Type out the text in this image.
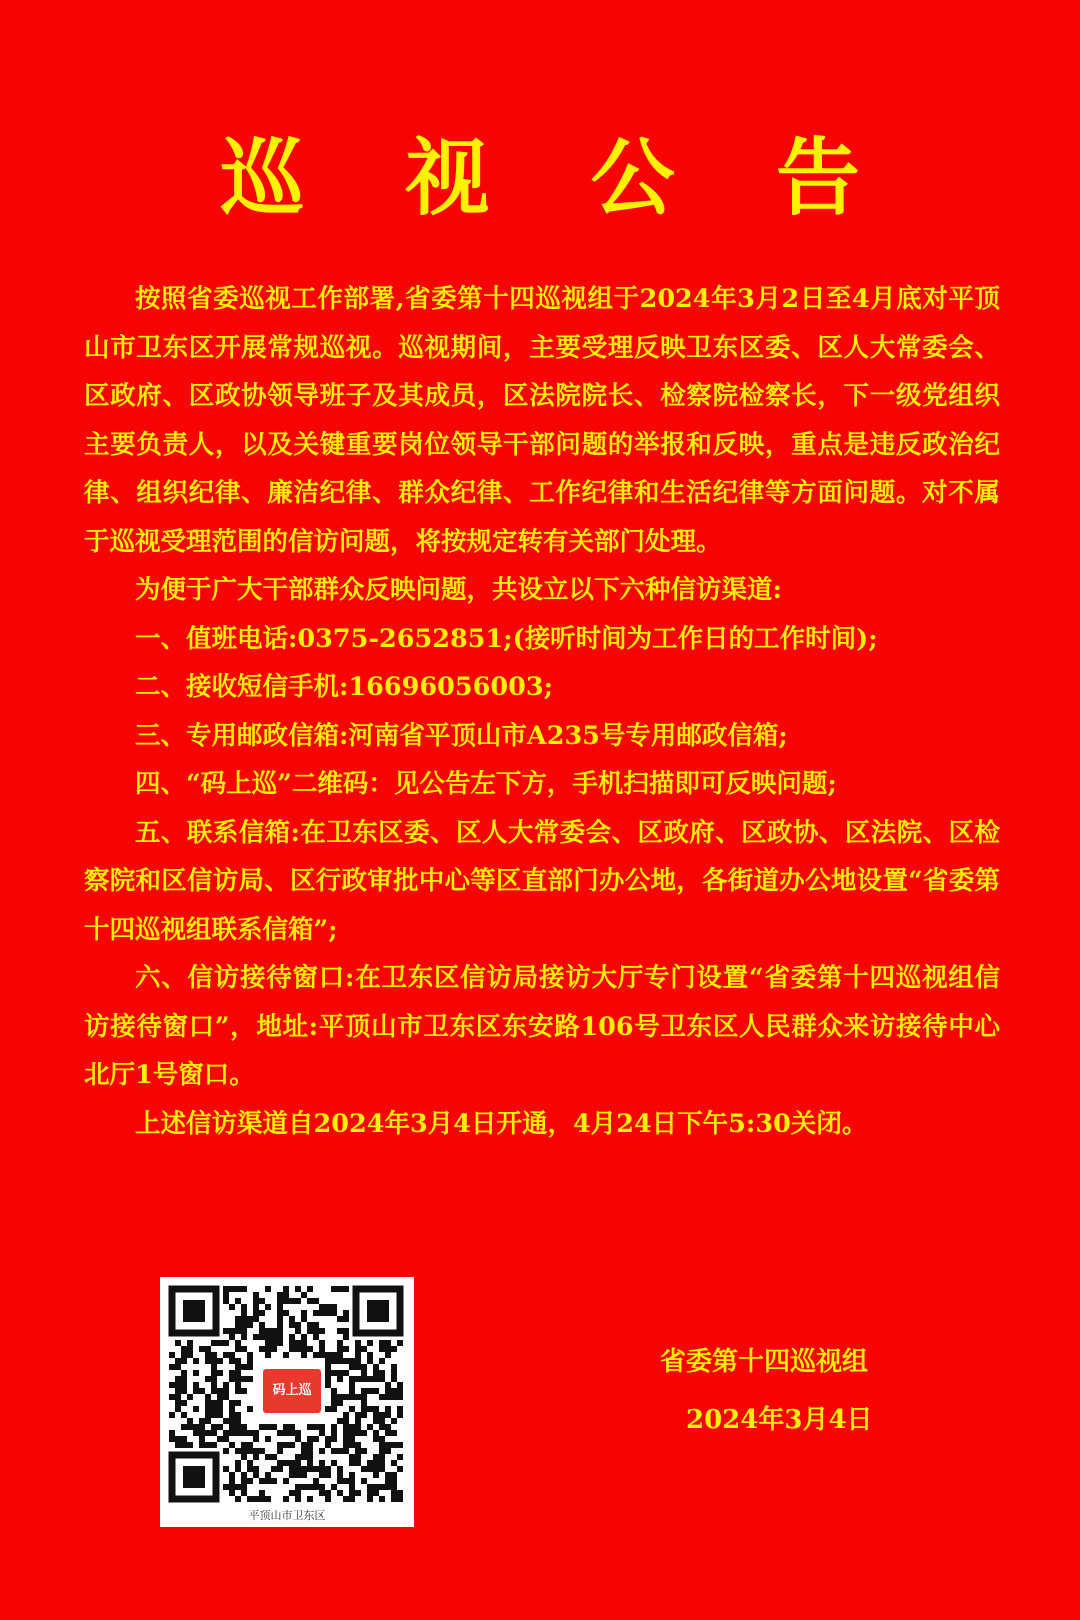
巡 视 公 告

按照省委巡视工作部署,省委第十四巡视组于2024年3月2日至4月底对平顶山市卫东区开展常规巡视。巡视期间，主要受理反映卫东区委、区人大常委会、区政府、区政协领导班子及其成员，区法院院长、检察院检察长，下一级党组织主要负责人，以及关键重要岗位领导干部问题的举报和反映，重点是违反政治纪律、组织纪律、廉洁纪律、群众纪律、工作纪律和生活纪律等方面问题。对不属于巡视受理范围的信访问题，将按规定转有关部门处理。

为便于广大干部群众反映问题，共设立以下六种信访渠道:

一、值班电话:0375-2652851;(接听时间为工作日的工作时间);

二、接收短信手机:16696056003;

三、专用邮政信箱:河南省平顶山市A235号专用邮政信箱;

四、“码上巡”二维码：见公告左下方，手机扫描即可反映问题;

五、联系信箱:在卫东区委、区人大常委会、区政府、区政协、区法院、区检察院和区信访局、区行政审批中心等区直部门办公地，各街道办公地设置“省委第十四巡视组联系信箱”;

六、信访接待窗口:在卫东区信访局接访大厅专门设置“省委第十四巡视组信访接待窗口”，地址:平顶山市卫东区东安路106号卫东区人民群众来访接待中心北厅1号窗口。

上述信访渠道自2024年3月4日开通，4月24日下午5:30关闭。

码上巡
平顶山市卫东区
省委第十四巡视组
2024年3月4日
